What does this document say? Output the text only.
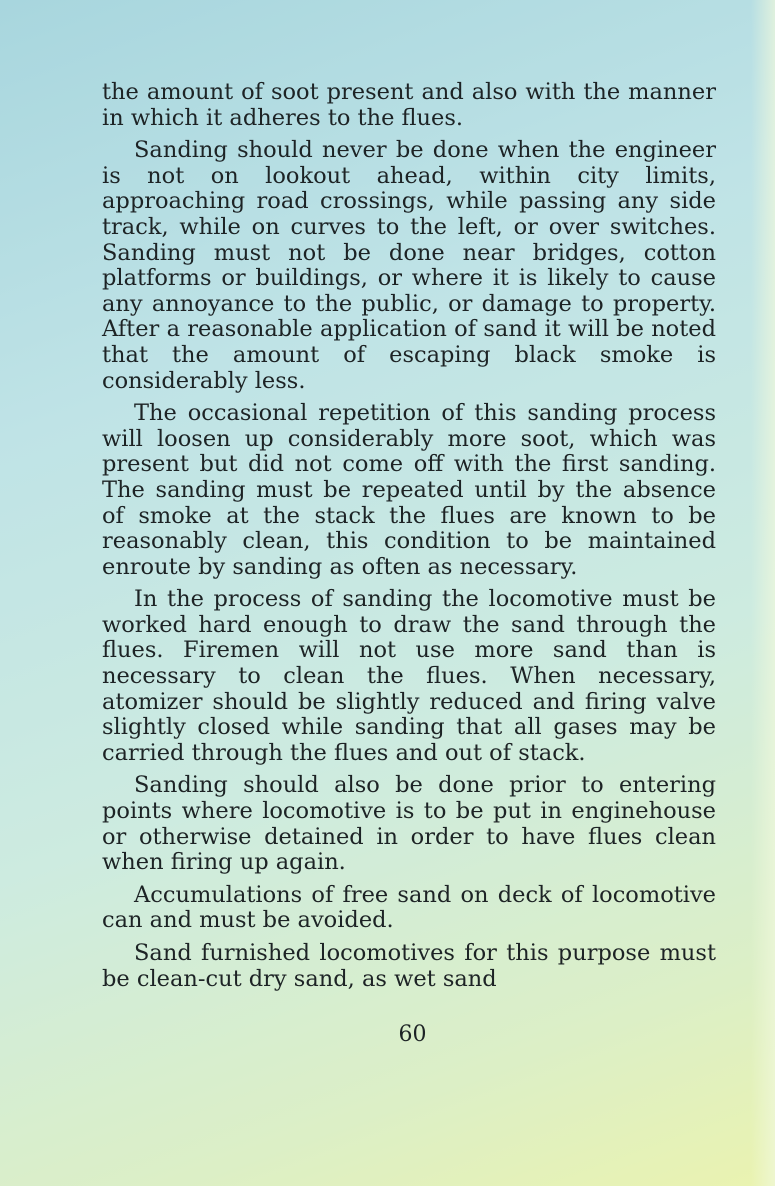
the amount of soot present and also with the manner in which it adheres to the flues.

Sanding should never be done when the engineer is not on lookout ahead, within city limits, approaching road crossings, while passing any side track, while on curves to the left, or over switches. Sanding must not be done near bridges, cotton platforms or buildings, or where it is likely to cause any annoyance to the public, or damage to property. After a reasonable application of sand it will be noted that the amount of escaping black smoke is considerably less.

The occasional repetition of this sanding process will loosen up considerably more soot, which was present but did not come off with the first sanding. The sanding must be repeated until by the absence of smoke at the stack the flues are known to be reasonably clean, this condition to be maintained enroute by sanding as often as necessary.

In the process of sanding the locomotive must be worked hard enough to draw the sand through the flues. Firemen will not use more sand than is necessary to clean the flues. When necessary, atomizer should be slightly reduced and firing valve slightly closed while sanding that all gases may be carried through the flues and out of stack.

Sanding should also be done prior to entering points where locomotive is to be put in enginehouse or otherwise detained in order to have flues clean when firing up again.

Accumulations of free sand on deck of locomotive can and must be avoided.

Sand furnished locomotives for this purpose must be clean-cut dry sand, as wet sand

60
